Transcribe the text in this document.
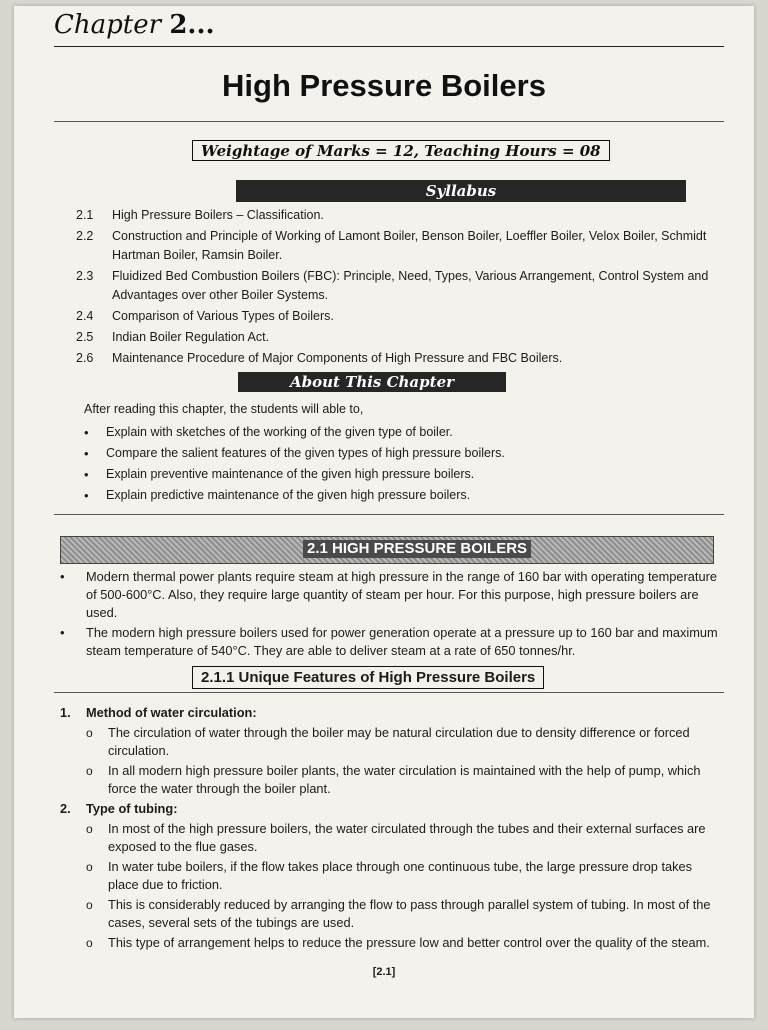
Chapter 2...
High Pressure Boilers
Weightage of Marks = 12, Teaching Hours = 08
Syllabus
2.1	High Pressure Boilers – Classification.
2.2	Construction and Principle of Working of Lamont Boiler, Benson Boiler, Loeffler Boiler, Velox Boiler, Schmidt Hartman Boiler, Ramsin Boiler.
2.3	Fluidized Bed Combustion Boilers (FBC): Principle, Need, Types, Various Arrangement, Control System and Advantages over other Boiler Systems.
2.4	Comparison of Various Types of Boilers.
2.5	Indian Boiler Regulation Act.
2.6	Maintenance Procedure of Major Components of High Pressure and FBC Boilers.
About This Chapter
After reading this chapter, the students will able to,
•	Explain with sketches of the working of the given type of boiler.
•	Compare the salient features of the given types of high pressure boilers.
•	Explain preventive maintenance of the given high pressure boilers.
•	Explain predictive maintenance of the given high pressure boilers.
2.1 HIGH PRESSURE BOILERS
•	Modern thermal power plants require steam at high pressure in the range of 160 bar with operating temperature of 500-600°C. Also, they require large quantity of steam per hour. For this purpose, high pressure boilers are used.
•	The modern high pressure boilers used for power generation operate at a pressure up to 160 bar and maximum steam temperature of 540°C. They are able to deliver steam at a rate of 650 tonnes/hr.
2.1.1 Unique Features of High Pressure Boilers
1.	Method of water circulation:
o	The circulation of water through the boiler may be natural circulation due to density difference or forced circulation.
o	In all modern high pressure boiler plants, the water circulation is maintained with the help of pump, which force the water through the boiler plant.
2.	Type of tubing:
o	In most of the high pressure boilers, the water circulated through the tubes and their external surfaces are exposed to the flue gases.
o	In water tube boilers, if the flow takes place through one continuous tube, the large pressure drop takes place due to friction.
o	This is considerably reduced by arranging the flow to pass through parallel system of tubing. In most of the cases, several sets of the tubings are used.
o	This type of arrangement helps to reduce the pressure low and better control over the quality of the steam.
[2.1]
